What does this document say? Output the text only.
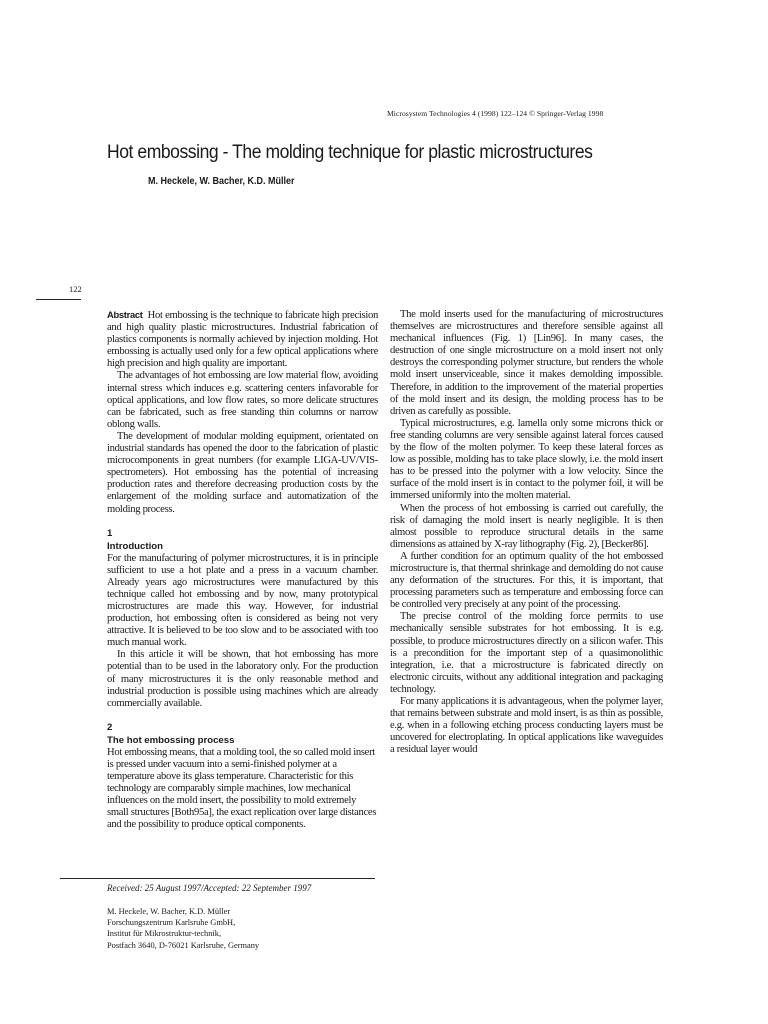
Microsystem Technologies 4 (1998) 122–124 © Springer-Verlag 1998
Hot embossing - The molding technique for plastic microstructures
M. Heckele, W. Bacher, K.D. Müller
122

Abstract Hot embossing is the technique to fabricate high precision and high quality plastic microstructures. Industrial fabrication of plastics components is normally achieved by injection molding. Hot embossing is actually used only for a few optical applications where high precision and high quality are important.

The advantages of hot embossing are low material flow, avoiding internal stress which induces e.g. scattering centers infavorable for optical applications, and low flow rates, so more delicate structures can be fabricated, such as free standing thin columns or narrow oblong walls.

The development of modular molding equipment, orientated on industrial standards has opened the door to the fabrication of plastic microcomponents in great numbers (for example LIGA-UV/VIS-spectrometers). Hot embossing has the potential of increasing production rates and therefore decreasing production costs by the enlargement of the molding surface and automatization of the molding process.

1
Introduction

For the manufacturing of polymer microstructures, it is in principle sufficient to use a hot plate and a press in a vacuum chamber. Already years ago microstructures were manufactured by this technique called hot embossing and by now, many prototypical microstructures are made this way. However, for industrial production, hot embossing often is considered as being not very attractive. It is believed to be too slow and to be associated with too much manual work.

In this article it will be shown, that hot embossing has more potential than to be used in the laboratory only. For the production of many microstructures it is the only reasonable method and industrial production is possible using machines which are already commercially available.

2
The hot embossing process

Hot embossing means, that a molding tool, the so called mold insert is pressed under vacuum into a semi-finished polymer at a temperature above its glass temperature. Characteristic for this technology are comparably simple machines, low mechanical influences on the mold insert, the possibility to mold extremely small structures [Both95a], the exact replication over large distances and the possibility to produce optical components.

The mold inserts used for the manufacturing of microstructures themselves are microstructures and therefore sensible against all mechanical influences (Fig. 1) [Lin96]. In many cases, the destruction of one single microstructure on a mold insert not only destroys the corresponding polymer structure, but renders the whole mold insert unserviceable, since it makes demolding impossible. Therefore, in addition to the improvement of the material properties of the mold insert and its design, the molding process has to be driven as carefully as possible.

Typical microstructures, e.g. lamella only some microns thick or free standing columns are very sensible against lateral forces caused by the flow of the molten polymer. To keep these lateral forces as low as possible, molding has to take place slowly, i.e. the mold insert has to be pressed into the polymer with a low velocity. Since the surface of the mold insert is in contact to the polymer foil, it will be immersed uniformly into the molten material.

When the process of hot embossing is carried out carefully, the risk of damaging the mold insert is nearly negligible. It is then almost possible to reproduce structural details in the same dimensions as attained by X-ray lithography (Fig. 2), [Becker86].

A further condition for an optimum quality of the hot embossed microstructure is, that thermal shrinkage and demolding do not cause any deformation of the structures. For this, it is important, that processing parameters such as temperature and embossing force can be controlled very precisely at any point of the processing.

The precise control of the molding force permits to use mechanically sensible substrates for hot embossing. It is e.g. possible, to produce microstructures directly on a silicon wafer. This is a precondition for the important step of a quasimonolithic integration, i.e. that a microstructure is fabricated directly on electronic circuits, without any additional integration and packaging technology.

For many applications it is advantageous, when the polymer layer, that remains between substrate and mold insert, is as thin as possible, e.g. when in a following etching process conducting layers must be uncovered for electroplating. In optical applications like waveguides a residual layer would

Received: 25 August 1997/Accepted: 22 September 1997
M. Heckele, W. Bacher, K.D. Müller
Forschungszentrum Karlsruhe GmbH,
Institut für Mikrostruktur-technik,
Postfach 3640, D-76021 Karlsruhe, Germany
